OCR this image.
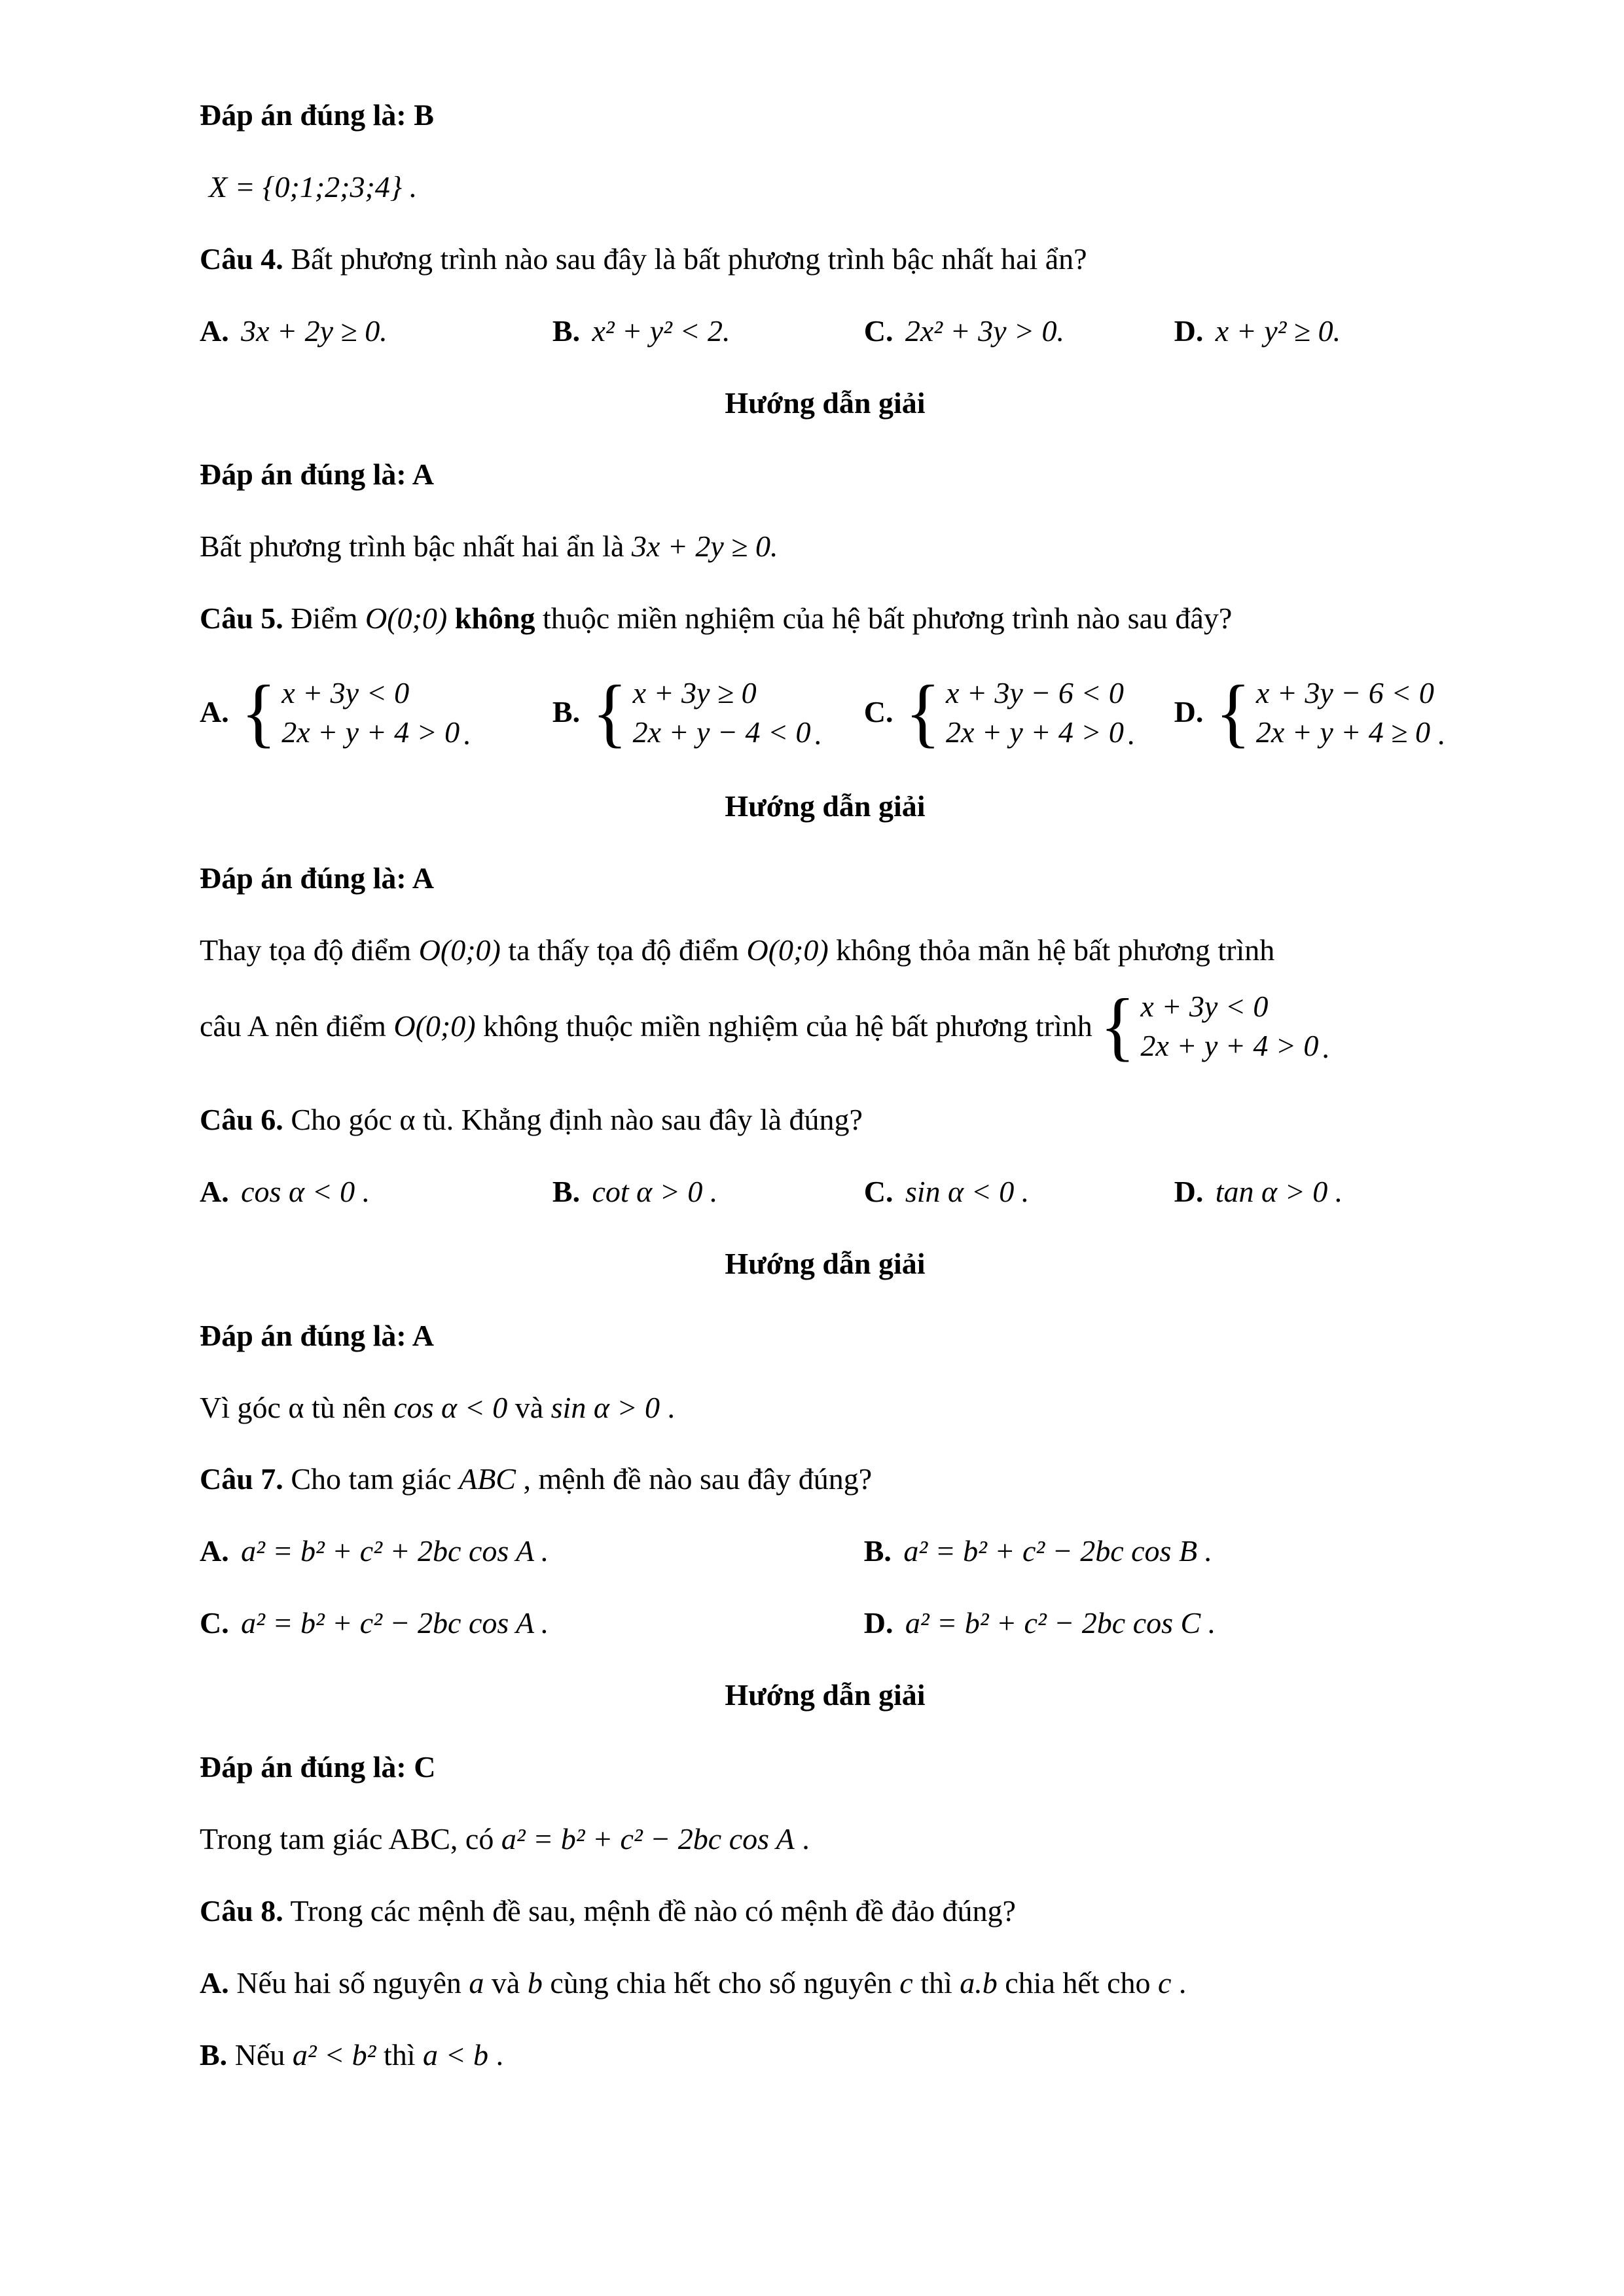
Đáp án đúng là: B

X = {0;1;2;3;4} .

Câu 4. Bất phương trình nào sau đây là bất phương trình bậc nhất hai ẩn?

A. 3x + 2y ≥ 0.	B. x² + y² < 2.	C. 2x² + 3y > 0.	D. x + y² ≥ 0.

Hướng dẫn giải

Đáp án đúng là: A

Bất phương trình bậc nhất hai ẩn là 3x + 2y ≥ 0.

Câu 5. Điểm O(0;0) không thuộc miền nghiệm của hệ bất phương trình nào sau đây?

A. { x + 3y < 0
2x + y + 4 > 0 .
B. { x + 3y ≥ 0
2x + y − 4 < 0 .
C. { x + 3y − 6 < 0
2x + y + 4 > 0 .
D. { x + 3y − 6 < 0
2x + y + 4 ≥ 0 .

Hướng dẫn giải

Đáp án đúng là: A

Thay tọa độ điểm O(0;0) ta thấy tọa độ điểm O(0;0) không thỏa mãn hệ bất phương trình

câu A nên điểm O(0;0) không thuộc miền nghiệm của hệ bất phương trình { x + 3y < 0
2x + y + 4 > 0 .

Câu 6. Cho góc α tù. Khẳng định nào sau đây là đúng?

A. cos α < 0 .	B. cot α > 0 .	C. sin α < 0 .	D. tan α > 0 .

Hướng dẫn giải

Đáp án đúng là: A

Vì góc α tù nên cos α < 0 và sin α > 0 .

Câu 7. Cho tam giác ABC , mệnh đề nào sau đây đúng?

A. a² = b² + c² + 2bc cos A .	B. a² = b² + c² − 2bc cos B .
C. a² = b² + c² − 2bc cos A .	D. a² = b² + c² − 2bc cos C .

Hướng dẫn giải

Đáp án đúng là: C

Trong tam giác ABC, có a² = b² + c² − 2bc cos A .

Câu 8. Trong các mệnh đề sau, mệnh đề nào có mệnh đề đảo đúng?

A. Nếu hai số nguyên a và b cùng chia hết cho số nguyên c thì a.b chia hết cho c .

B. Nếu a² < b² thì a < b .
